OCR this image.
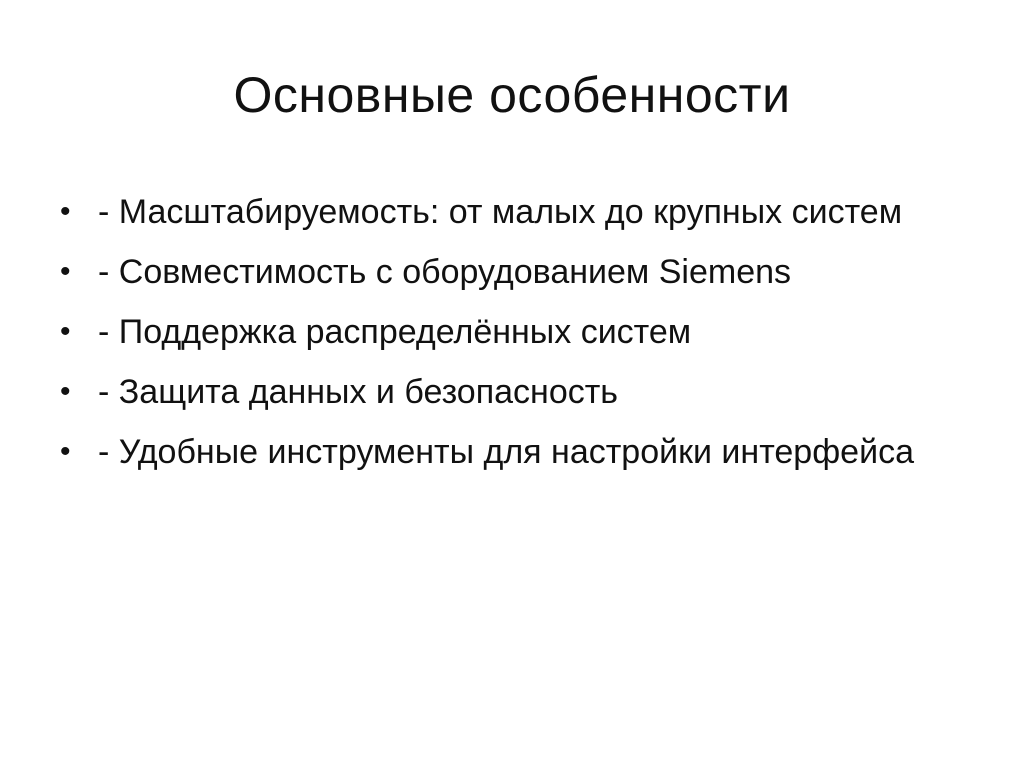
Основные особенности
• - Масштабируемость: от малых до крупных систем
• - Совместимость с оборудованием Siemens
• - Поддержка распределённых систем
• - Защита данных и безопасность
• - Удобные инструменты для настройки интерфейса
